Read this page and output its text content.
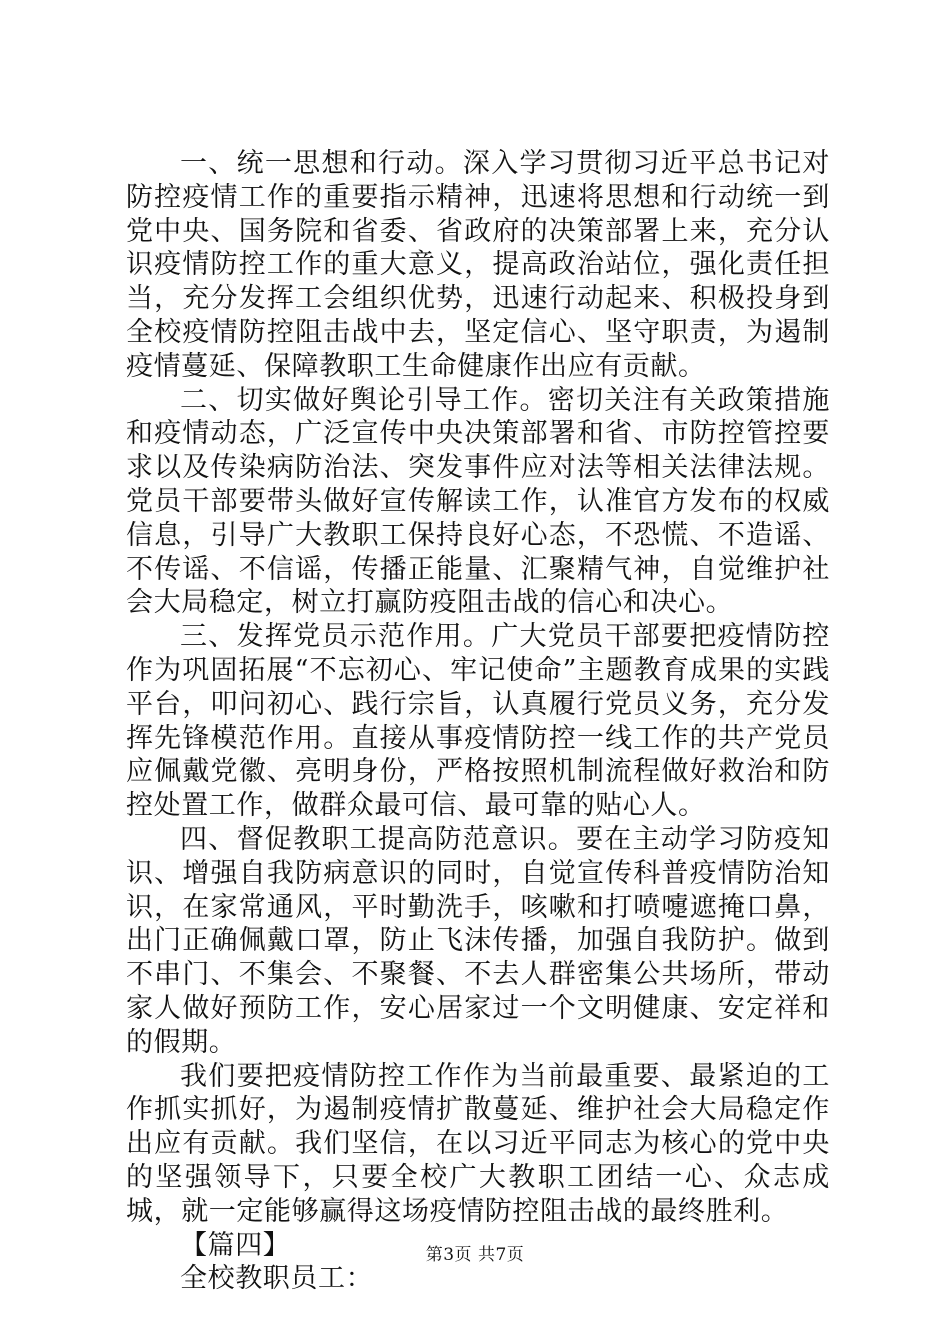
一、统一思想和行动。深入学习贯彻习近平总书记对防控疫情工作的重要指示精神，迅速将思想和行动统一到党中央、国务院和省委、省政府的决策部署上来，充分认识疫情防控工作的重大意义，提高政治站位，强化责任担当，充分发挥工会组织优势，迅速行动起来、积极投身到全校疫情防控阻击战中去，坚定信心、坚守职责，为遏制疫情蔓延、保障教职工生命健康作出应有贡献。

二、切实做好舆论引导工作。密切关注有关政策措施和疫情动态，广泛宣传中央决策部署和省、市防控管控要求以及传染病防治法、突发事件应对法等相关法律法规。党员干部要带头做好宣传解读工作，认准官方发布的权威信息，引导广大教职工保持良好心态，不恐慌、不造谣、不传谣、不信谣，传播正能量、汇聚精气神，自觉维护社会大局稳定，树立打赢防疫阻击战的信心和决心。

三、发挥党员示范作用。广大党员干部要把疫情防控作为巩固拓展“不忘初心、牢记使命”主题教育成果的实践平台，叩问初心、践行宗旨，认真履行党员义务，充分发挥先锋模范作用。直接从事疫情防控一线工作的共产党员应佩戴党徽、亮明身份，严格按照机制流程做好救治和防控处置工作，做群众最可信、最可靠的贴心人。

四、督促教职工提高防范意识。要在主动学习防疫知识、增强自我防病意识的同时，自觉宣传科普疫情防治知识，在家常通风，平时勤洗手，咳嗽和打喷嚏遮掩口鼻，出门正确佩戴口罩，防止飞沫传播，加强自我防护。做到不串门、不集会、不聚餐、不去人群密集公共场所，带动家人做好预防工作，安心居家过一个文明健康、安定祥和的假期。

我们要把疫情防控工作作为当前最重要、最紧迫的工作抓实抓好，为遏制疫情扩散蔓延、维护社会大局稳定作出应有贡献。我们坚信，在以习近平同志为核心的党中央的坚强领导下，只要全校广大教职工团结一心、众志成城，就一定能够赢得这场疫情防控阻击战的最终胜利。

【篇四】

全校教职员工：

第3页 共7页
